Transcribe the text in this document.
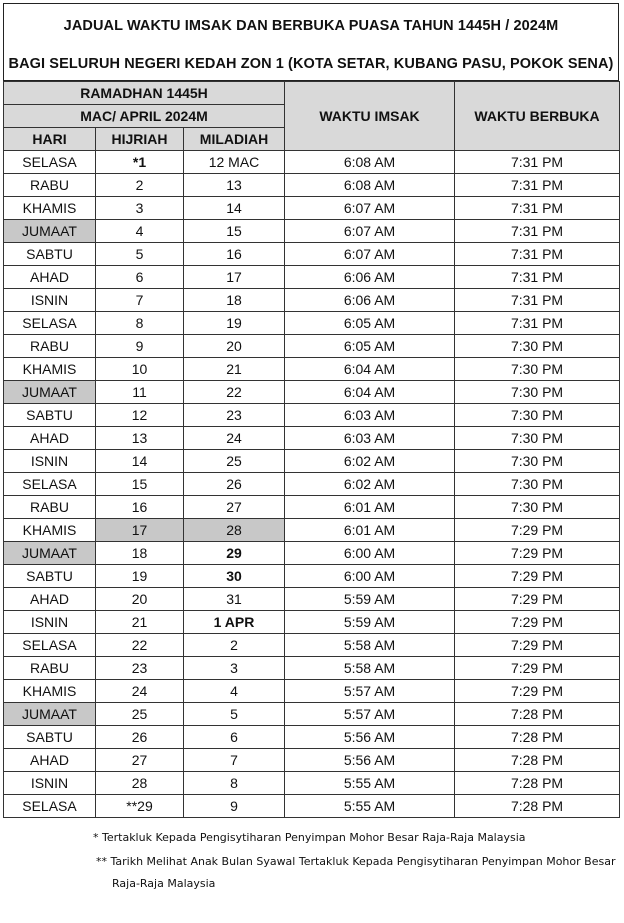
JADUAL WAKTU IMSAK DAN BERBUKA PUASA TAHUN 1445H / 2024M
BAGI SELURUH NEGERI KEDAH ZON 1 (KOTA SETAR, KUBANG PASU, POKOK SENA)
RAMADHAN 1445H			WAKTU IMSAK	WAKTU BERBUKA
MAC/ APRIL 2024M				
HARI	HIJRIAH	MILADIAH		
SELASA	*1	12 MAC	6:08 AM	7:31 PM
RABU	2	13	6:08 AM	7:31 PM
KHAMIS	3	14	6:07 AM	7:31 PM
JUMAAT	4	15	6:07 AM	7:31 PM
SABTU	5	16	6:07 AM	7:31 PM
AHAD	6	17	6:06 AM	7:31 PM
ISNIN	7	18	6:06 AM	7:31 PM
SELASA	8	19	6:05 AM	7:31 PM
RABU	9	20	6:05 AM	7:30 PM
KHAMIS	10	21	6:04 AM	7:30 PM
JUMAAT	11	22	6:04 AM	7:30 PM
SABTU	12	23	6:03 AM	7:30 PM
AHAD	13	24	6:03 AM	7:30 PM
ISNIN	14	25	6:02 AM	7:30 PM
SELASA	15	26	6:02 AM	7:30 PM
RABU	16	27	6:01 AM	7:30 PM
KHAMIS	17	28	6:01 AM	7:29 PM
JUMAAT	18	29	6:00 AM	7:29 PM
SABTU	19	30	6:00 AM	7:29 PM
AHAD	20	31	5:59 AM	7:29 PM
ISNIN	21	1 APR	5:59 AM	7:29 PM
SELASA	22	2	5:58 AM	7:29 PM
RABU	23	3	5:58 AM	7:29 PM
KHAMIS	24	4	5:57 AM	7:29 PM
JUMAAT	25	5	5:57 AM	7:28 PM
SABTU	26	6	5:56 AM	7:28 PM
AHAD	27	7	5:56 AM	7:28 PM
ISNIN	28	8	5:55 AM	7:28 PM
SELASA	**29	9	5:55 AM	7:28 PM
* Tertakluk Kepada Pengisytiharan Penyimpan Mohor Besar Raja-Raja Malaysia
** Tarikh Melihat Anak Bulan Syawal Tertakluk Kepada Pengisytiharan Penyimpan Mohor Besar
Raja-Raja Malaysia
